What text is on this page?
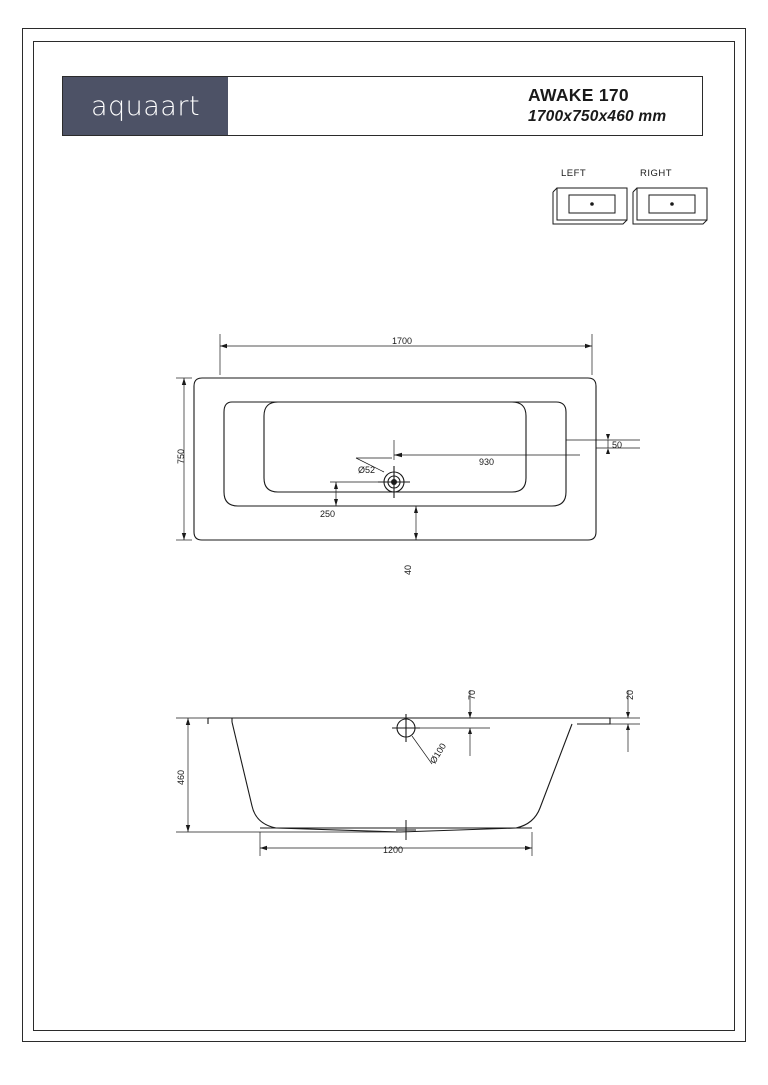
aquaart	AWAKE 170
1700x750x460 mm
LEFT	RIGHT
1700
750
50
930
Ø52
250
40
460
70	20
Ø100
1200
